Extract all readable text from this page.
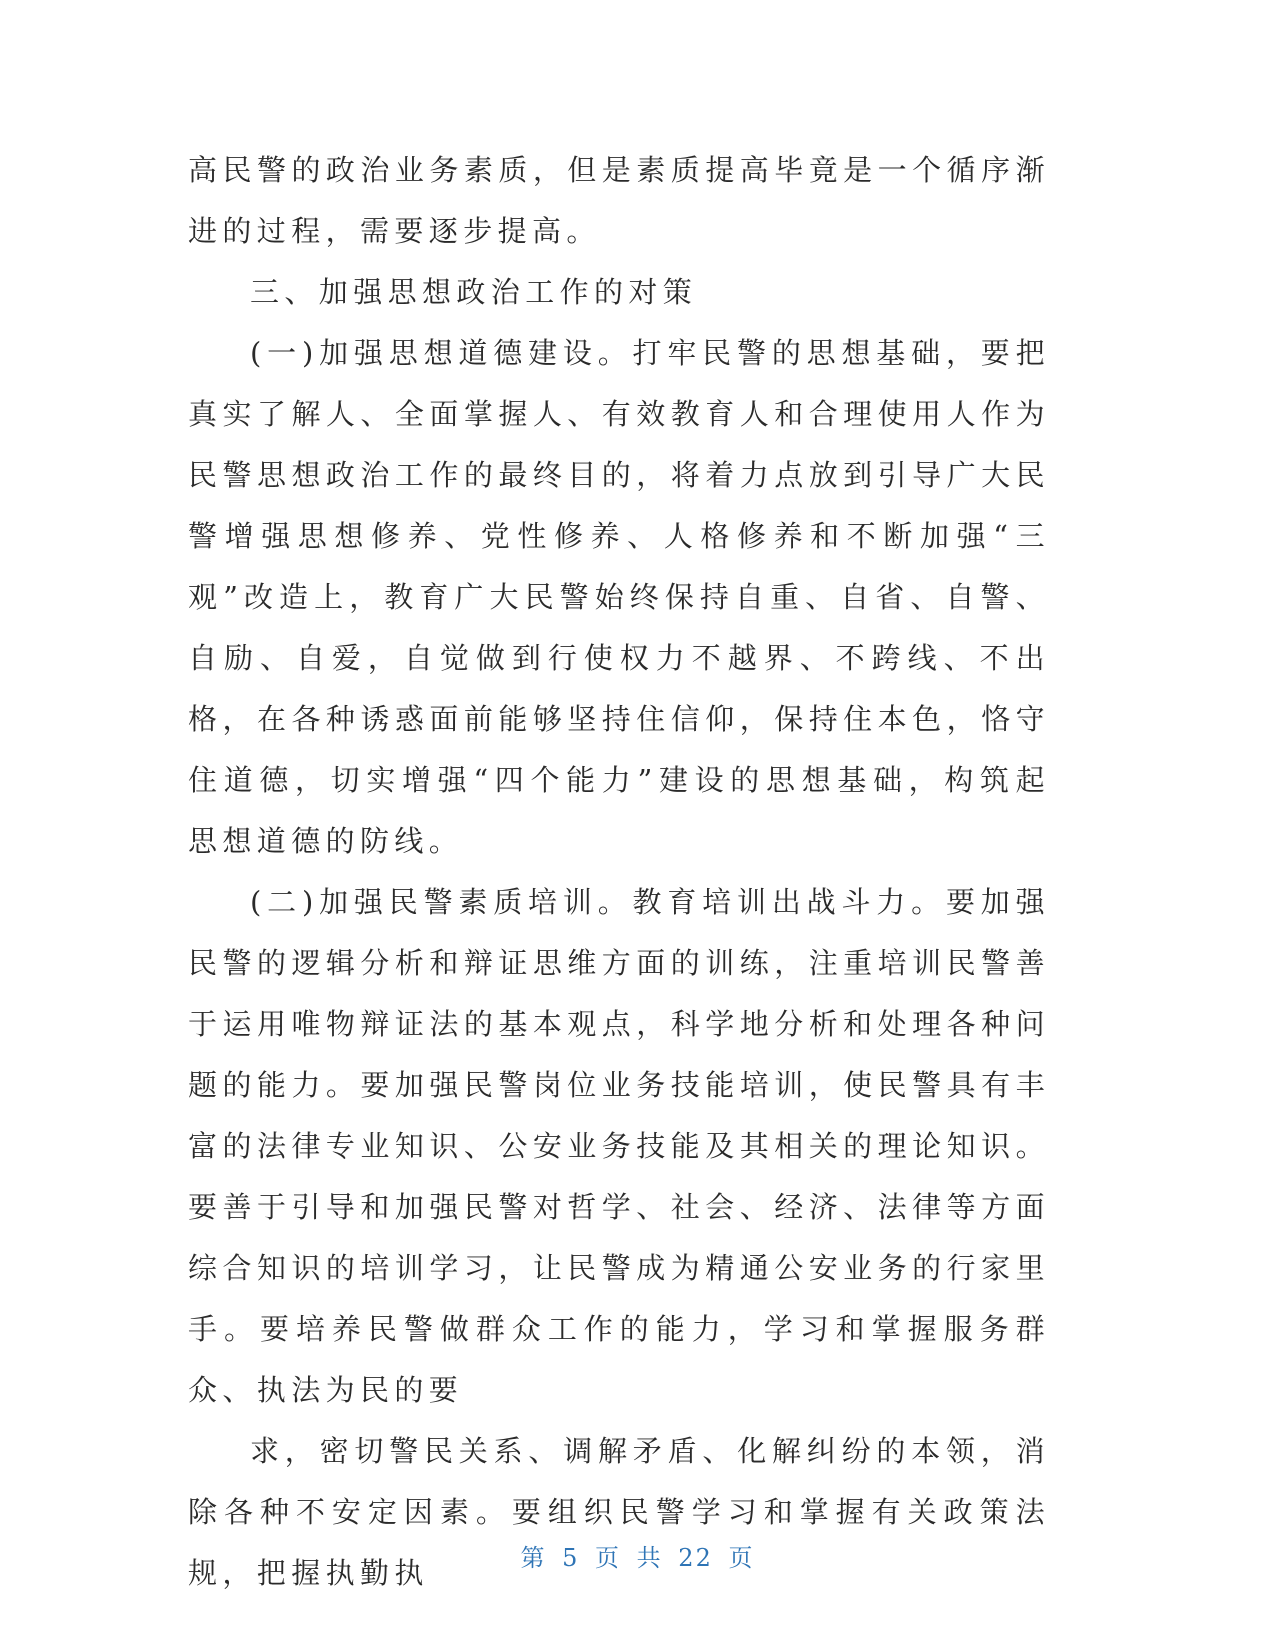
高民警的政治业务素质，但是素质提高毕竟是一个循序渐进的过程，需要逐步提高。

三、加强思想政治工作的对策

(一)加强思想道德建设。打牢民警的思想基础，要把真实了解人、全面掌握人、有效教育人和合理使用人作为民警思想政治工作的最终目的，将着力点放到引导广大民警增强思想修养、党性修养、人格修养和不断加强“三观”改造上，教育广大民警始终保持自重、自省、自警、自励、自爱，自觉做到行使权力不越界、不跨线、不出格，在各种诱惑面前能够坚持住信仰，保持住本色，恪守住道德，切实增强“四个能力”建设的思想基础，构筑起思想道德的防线。

(二)加强民警素质培训。教育培训出战斗力。要加强民警的逻辑分析和辩证思维方面的训练，注重培训民警善于运用唯物辩证法的基本观点，科学地分析和处理各种问题的能力。要加强民警岗位业务技能培训，使民警具有丰富的法律专业知识、公安业务技能及其相关的理论知识。要善于引导和加强民警对哲学、社会、经济、法律等方面综合知识的培训学习，让民警成为精通公安业务的行家里手。要培养民警做群众工作的能力，学习和掌握服务群众、执法为民的要

求，密切警民关系、调解矛盾、化解纠纷的本领，消除各种不安定因素。要组织民警学习和掌握有关政策法规，把握执勤执	第 5 页 共 22 页
